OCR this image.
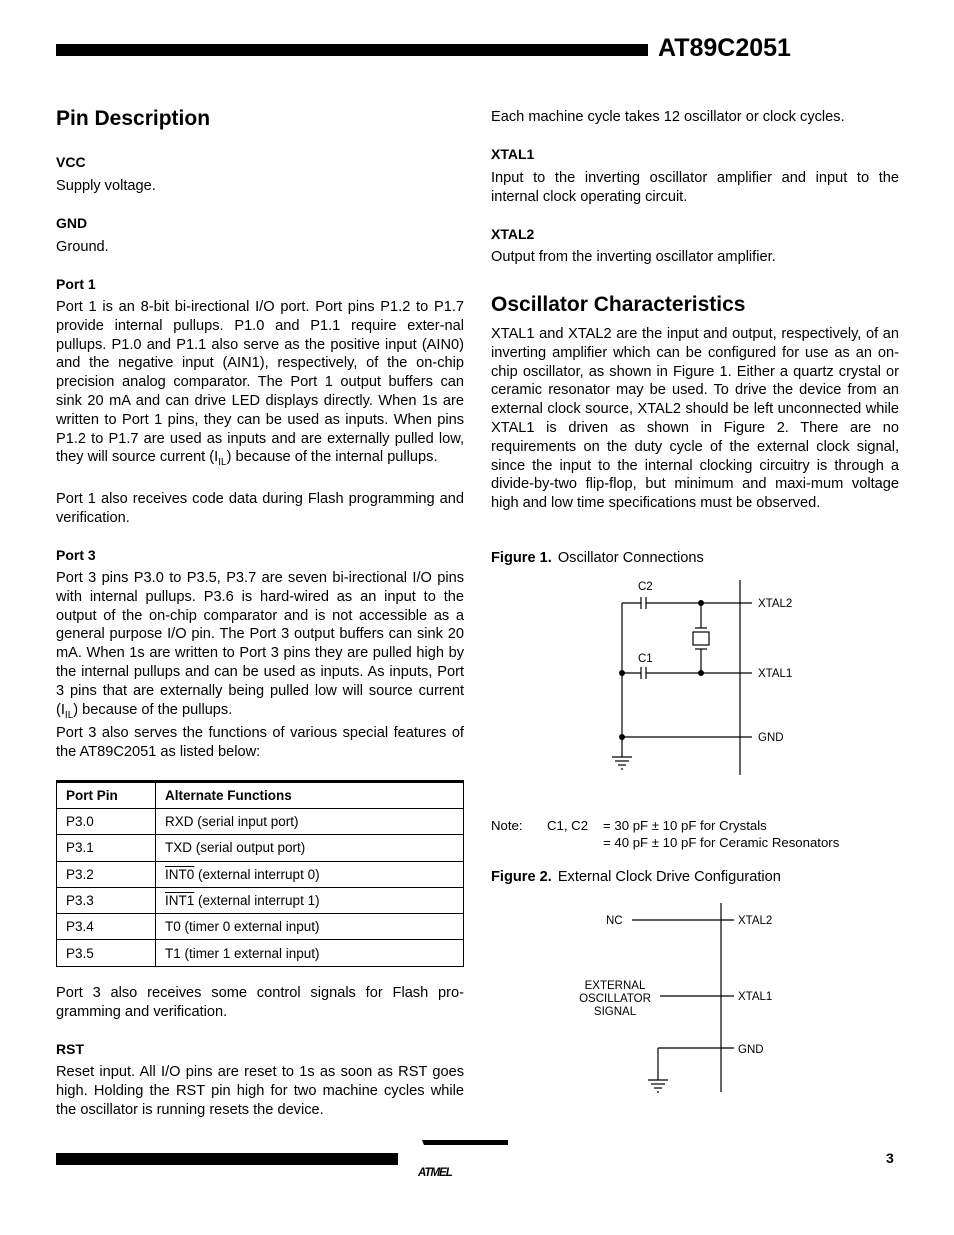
AT89C2051
Pin Description
VCC
Supply voltage.
GND
Ground.
Port 1
Port 1 is an 8-bit bi-irectional I/O port. Port pins P1.2 to P1.7 provide internal pullups. P1.0 and P1.1 require exter-nal pullups. P1.0 and P1.1 also serve as the positive input (AIN0) and the negative input (AIN1), respectively, of the on-chip precision analog comparator. The Port 1 output buffers can sink 20 mA and can drive LED displays directly. When 1s are written to Port 1 pins, they can be used as inputs. When pins P1.2 to P1.7 are used as inputs and are externally pulled low, they will source current $(I_{IL})$ because of the internal pullups.
Port 1 also receives code data during Flash programming and verification.
Port 3
Port 3 pins P3.0 to P3.5, P3.7 are seven bi-irectional I/O pins with internal pullups. P3.6 is hard-wired as an input to the output of the on-chip comparator and is not accessible as a general purpose I/O pin. The Port 3 output buffers can sink 20 mA. When 1s are written to Port 3 pins they are pulled high by the internal pullups and can be used as inputs. As inputs, Port 3 pins that are externally being pulled low will source current $(I_{IL})$ because of the pullups.
Port 3 also serves the functions of various special features of the AT89C2051 as listed below:
Port Pin	Alternate Functions
P3.0	RXD (serial input port)
P3.1	TXD (serial output port)
P3.2	INT0 (external interrupt 0)
P3.3	INT1 (external interrupt 1)
P3.4	T0 (timer 0 external input)
P3.5	T1 (timer 1 external input)
Port 3 also receives some control signals for Flash pro-gramming and verification.
RST
Reset input. All I/O pins are reset to 1s as soon as RST goes high. Holding the RST pin high for two machine cycles while the oscillator is running resets the device.
Each machine cycle takes 12 oscillator or clock cycles.
XTAL1
Input to the inverting oscillator amplifier and input to the internal clock operating circuit.
XTAL2
Output from the inverting oscillator amplifier.
Oscillator Characteristics
XTAL1 and XTAL2 are the input and output, respectively, of an inverting amplifier which can be configured for use as an on-chip oscillator, as shown in Figure 1. Either a quartz crystal or ceramic resonator may be used. To drive the device from an external clock source, XTAL2 should be left unconnected while XTAL1 is driven as shown in Figure 2. There are no requirements on the duty cycle of the external clock signal, since the input to the internal clocking circuitry is through a divide-by-two flip-flop, but minimum and maxi-mum voltage high and low time specifications must be observed.
Figure 1. Oscillator Connections
C2
C1
XTAL2
XTAL1
GND
Note: C1, C2 = 30 pF ± 10 pF for Crystals
= 40 pF ± 10 pF for Ceramic Resonators
Figure 2. External Clock Drive Configuration
NC	XTAL2
EXTERNAL
OSCILLATOR
SIGNAL
XTAL1
GND
ATMEL
3
